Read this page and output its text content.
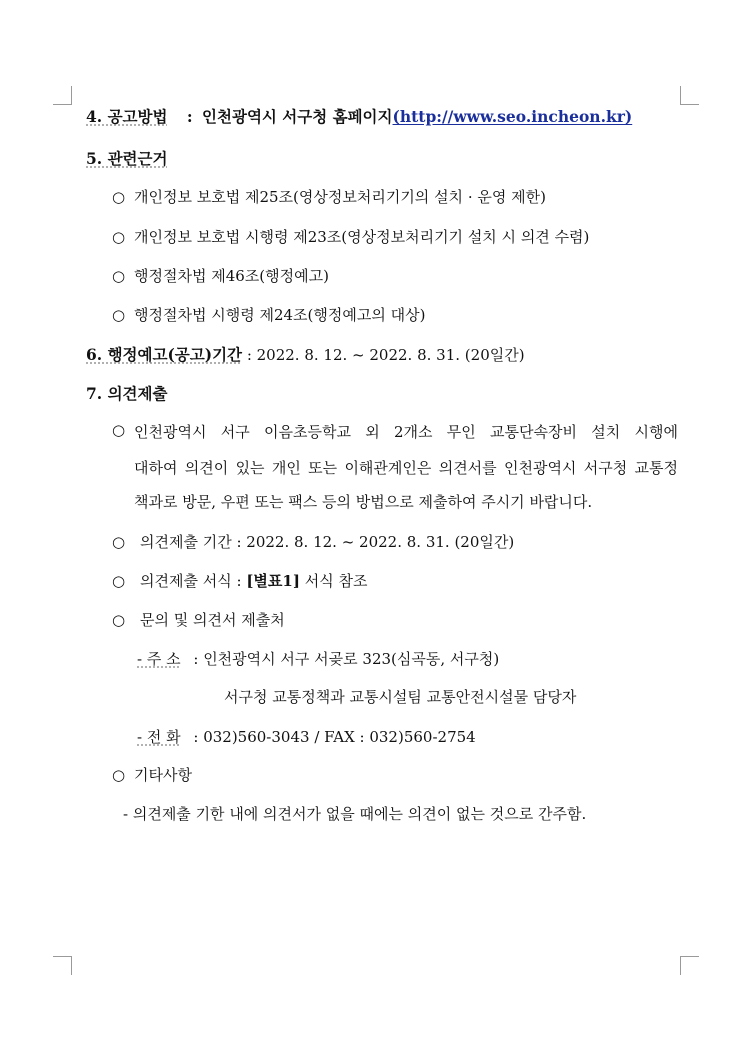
4. 공고방법 : 인천광역시 서구청 홈페이지(http://www.seo.incheon.kr)
5. 관련근거
○ 개인정보 보호법 제25조(영상정보처리기기의 설치 · 운영 제한)
○ 개인정보 보호법 시행령 제23조(영상정보처리기기 설치 시 의견 수렴)
○ 행정절차법 제46조(행정예고)
○ 행정절차법 시행령 제24조(행정예고의 대상)
6. 행정예고(공고)기간 : 2022. 8. 12. ~ 2022. 8. 31. (20일간)
7. 의견제출
○ 인천광역시 서구 이음초등학교 외 2개소 무인 교통단속장비 설치 시행에
대하여 의견이 있는 개인 또는 이해관계인은 의견서를 인천광역시 서구청 교통정
책과로 방문, 우편 또는 팩스 등의 방법으로 제출하여 주시기 바랍니다.
○ 의견제출 기간 : 2022. 8. 12. ~ 2022. 8. 31. (20일간)
○ 의견제출 서식 : [별표1] 서식 참조
○ 문의 및 의견서 제출처
- 주 소 : 인천광역시 서구 서곶로 323(심곡동, 서구청)
서구청 교통정책과 교통시설팀 교통안전시설물 담당자
- 전 화 : 032)560-3043 / FAX : 032)560-2754
○ 기타사항
- 의견제출 기한 내에 의견서가 없을 때에는 의견이 없는 것으로 간주함.
